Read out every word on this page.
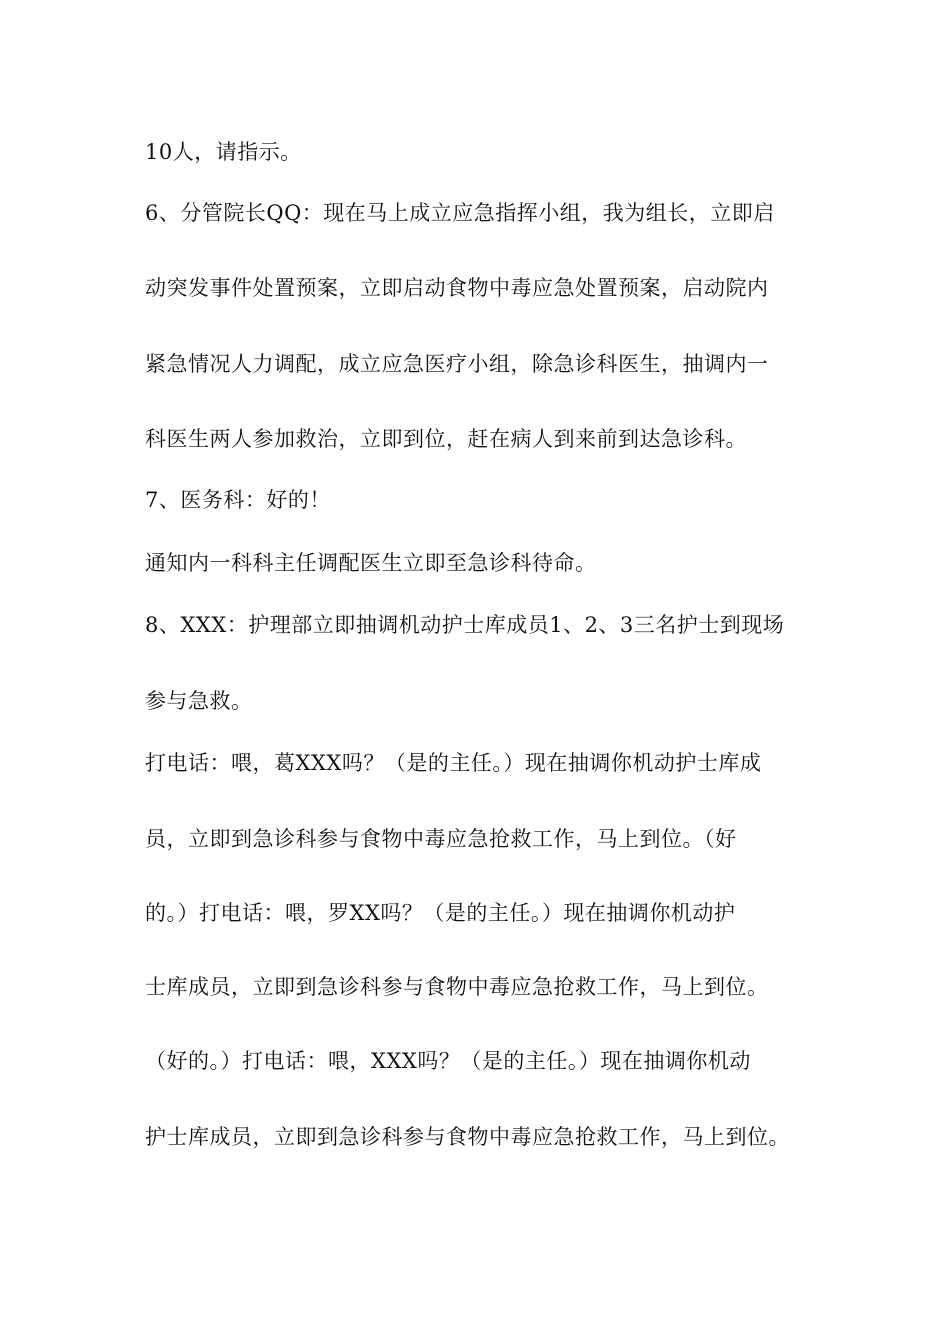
10人，请指示。
6、分管院长QQ：现在马上成立应急指挥小组，我为组长，立即启
动突发事件处置预案，立即启动食物中毒应急处置预案，启动院内
紧急情况人力调配，成立应急医疗小组，除急诊科医生，抽调内一
科医生两人参加救治，立即到位，赶在病人到来前到达急诊科。
7、医务科：好的！
通知内一科科主任调配医生立即至急诊科待命。
8、XXX：护理部立即抽调机动护士库成员1、2、3三名护士到现场
参与急救。
打电话：喂，葛XXX吗？（是的主任。）现在抽调你机动护士库成
员，立即到急诊科参与食物中毒应急抢救工作，马上到位。（好
的。）打电话：喂，罗XX吗？（是的主任。）现在抽调你机动护
士库成员，立即到急诊科参与食物中毒应急抢救工作，马上到位。
（好的。）打电话：喂，XXX吗？（是的主任。）现在抽调你机动
护士库成员，立即到急诊科参与食物中毒应急抢救工作，马上到位。
